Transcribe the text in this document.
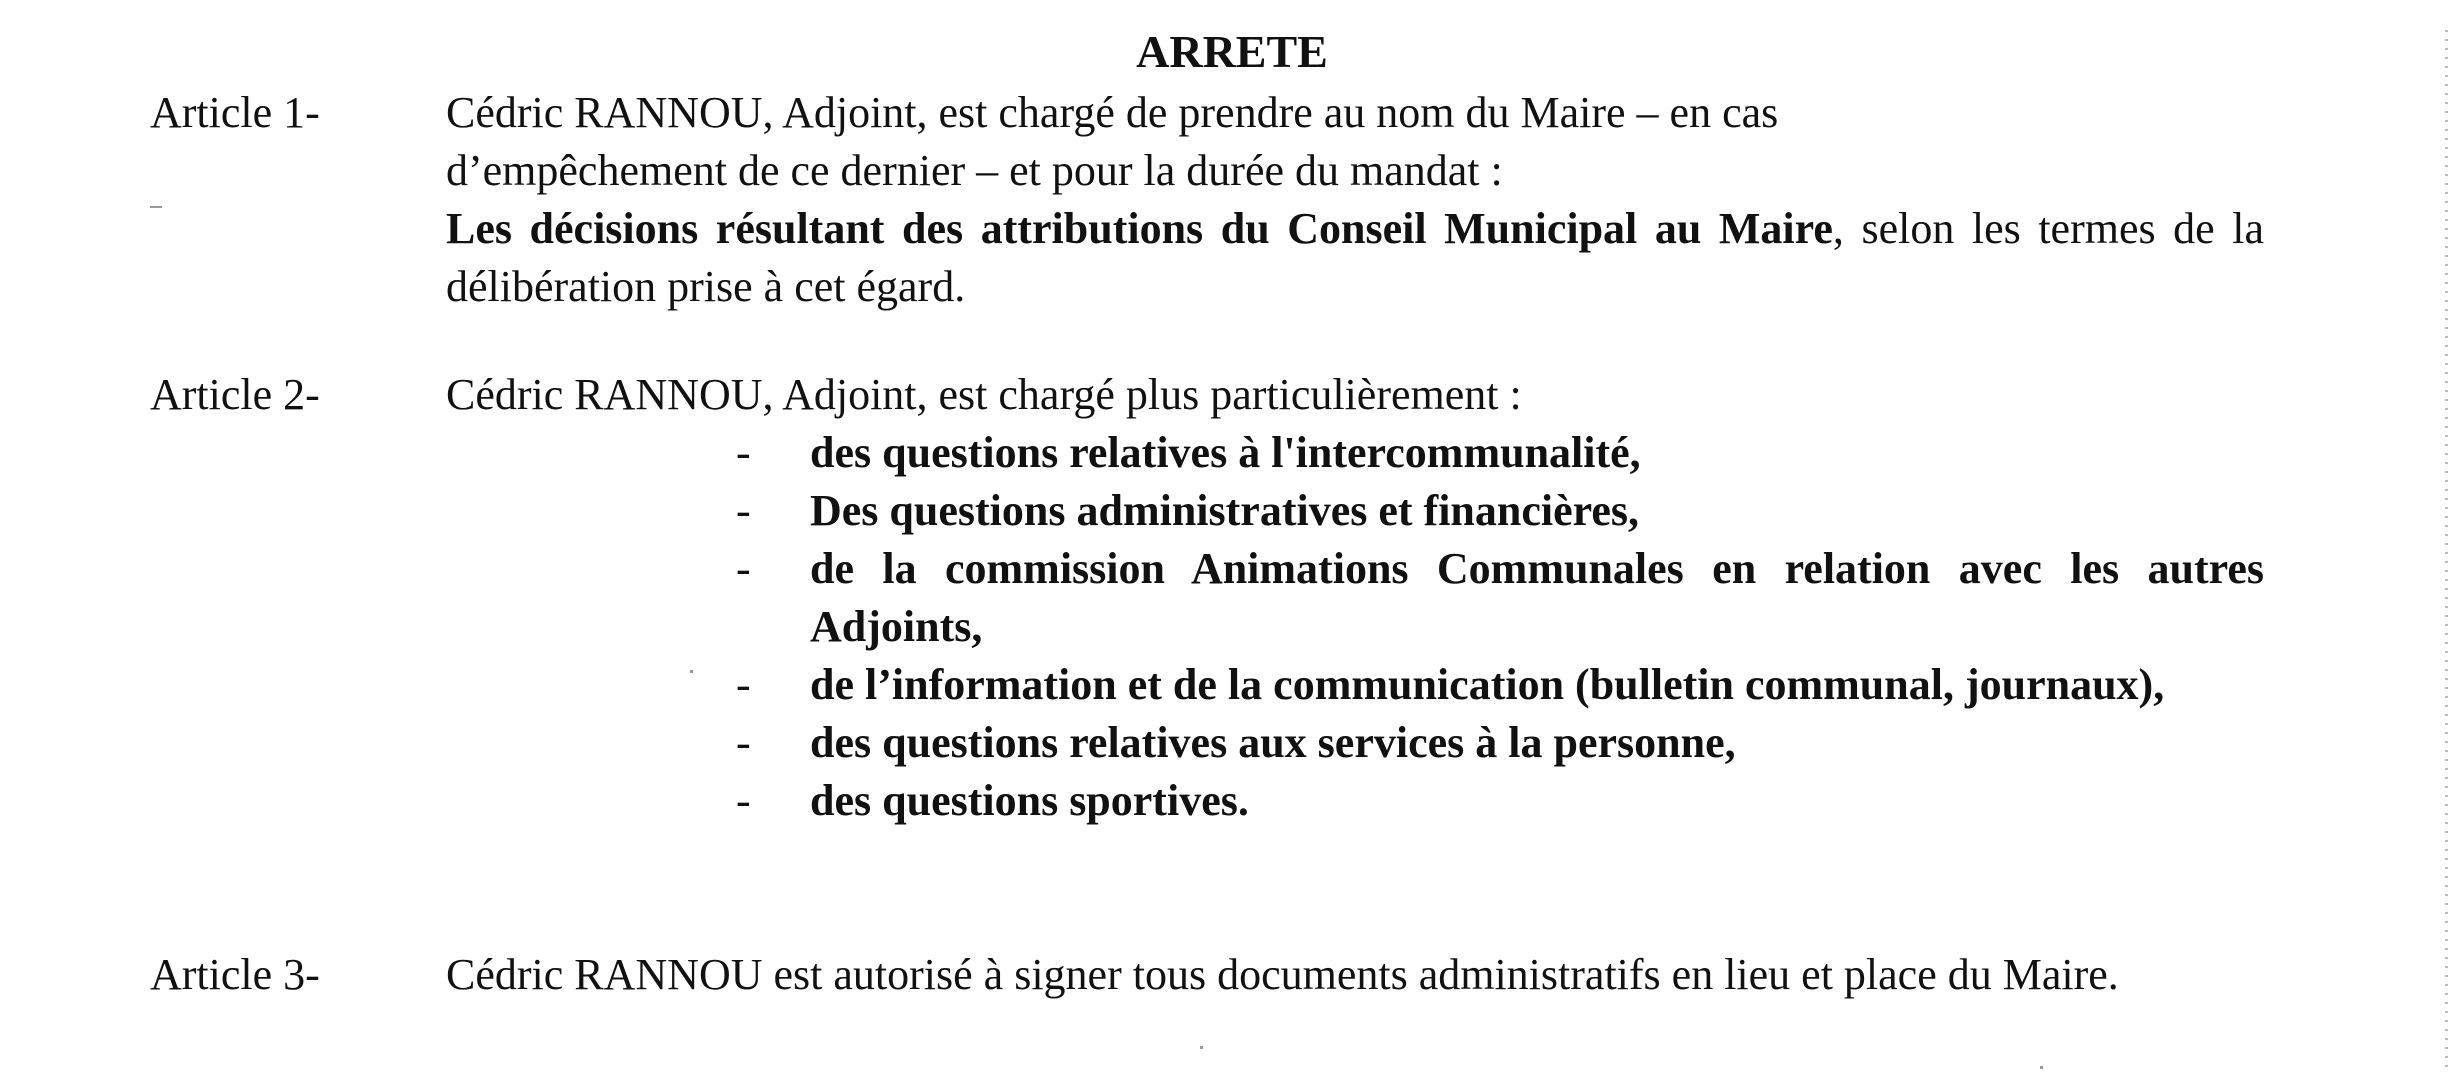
ARRETE
Article 1-	Cédric RANNOU, Adjoint, est chargé de prendre au nom du Maire – en cas

d’empêchement de ce dernier – et pour la durée du mandat :

Les décisions résultant des attributions du Conseil Municipal au Maire, selon les termes de la délibération prise à cet égard.

Article 2-	Cédric RANNOU, Adjoint, est chargé plus particulièrement :
- des questions relatives à l'intercommunalité,
- Des questions administratives et financières,
- de la commission Animations Communales en relation avec les autres Adjoints,
- de l’information et de la communication (bulletin communal, journaux),
- des questions relatives aux services à la personne,
- des questions sportives.
Article 3-	Cédric RANNOU est autorisé à signer tous documents administratifs en lieu et place du Maire.
